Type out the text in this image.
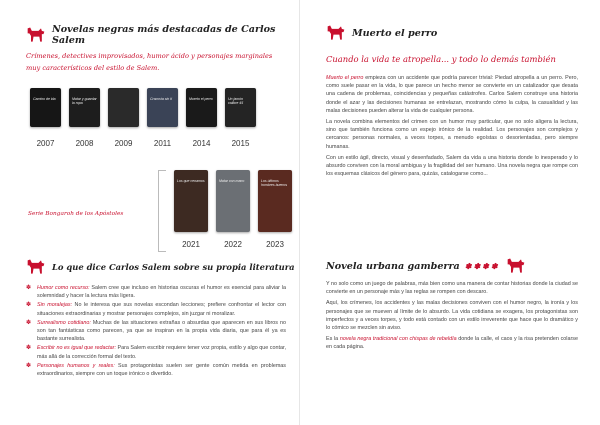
Novelas negras más destacadas de Carlos Salem
Crímenes, detectives improvisados, humor ácido y personajes marginales muy característicos del estilo de Salem.
Camino de ida	Matar y guardar la ropa
Cracovia sin ti	Muerto el perro	Un jamón calibre 45
2007	2008	2009	2011	2014	2015
Serie Bongaroh de los Apóstoles
Los que cenamos	Matar con mano	Los últimos hombres buenos
2021	2022	2023
Lo que dice Carlos Salem sobre su propia literatura
✽ Humor como recurso: Salem cree que incluso en historias oscuras el humor es esencial para aliviar la solemnidad y hacer la lectura más ligera.
✽ Sin moralejas: No le interesa que sus novelas escondan lecciones; prefiere confrontar el lector con situaciones extraordinarias y mostrar personajes complejos, sin juzgar ni moralizar.
✽ Surrealismo cotidiano: Muchas de las situaciones extrañas o absurdas que aparecen en sus libros no son tan fantásticas como parecen, ya que se inspiran en la propia vida diaria, que para él ya es bastante surrealista.
✽ Escribir no es igual que redactar: Para Salem escribir requiere tener voz propia, estilo y algo que contar, más allá de la corrección formal del texto.
✽ Personajes humanos y reales: Sus protagonistas suelen ser gente común metida en problemas extraordinarios, siempre con un toque irónico o divertido.
Muerto el perro
Cuando la vida te atropella... y todo lo demás también

Muerto el perro empieza con un accidente que podría parecer trivial: Piedad atropella a un perro. Pero, como suele pasar en la vida, lo que parece un hecho menor se convierte en un catalizador que desata una cadena de problemas, coincidencias y pequeñas catástrofes. Carlos Salem construye una historia donde el azar y las decisiones humanas se entrelazan, mostrando cómo la culpa, la casualidad y las malas decisiones pueden alterar la vida de cualquier persona.

La novela combina elementos del crimen con un humor muy particular, que no solo aligera la lectura, sino que también funciona como un espejo irónico de la realidad. Los personajes son complejos y cercanos: personas normales, a veces torpes, a menudo egoístas o desorientadas, pero siempre humanas.

Con un estilo ágil, directo, visual y desenfadado, Salem da vida a una historia donde lo inesperado y lo absurdo conviven con la moral ambigua y la fragilidad del ser humano. Una novela negra que rompe con los esquemas clásicos del género para, quizás, catalogarse como...

Novela urbana gamberra ✽✽✽✽

Y no solo como un juego de palabras, más bien como una manera de contar historias donde la ciudad se convierte en un personaje más y las reglas se rompen con descaro.

Aquí, los crímenes, los accidentes y las malas decisiones conviven con el humor negro, la ironía y los personajes que se mueven al límite de lo absurdo. La vida cotidiana se exagera, los protagonistas son imperfectos y a veces torpes, y todo está contado con un estilo irreverente que hace que lo dramático y lo cómico se mezclen sin aviso.

Es la novela negra tradicional con chispas de rebeldía donde la calle, el caos y la risa pretenden colarse en cada página.
